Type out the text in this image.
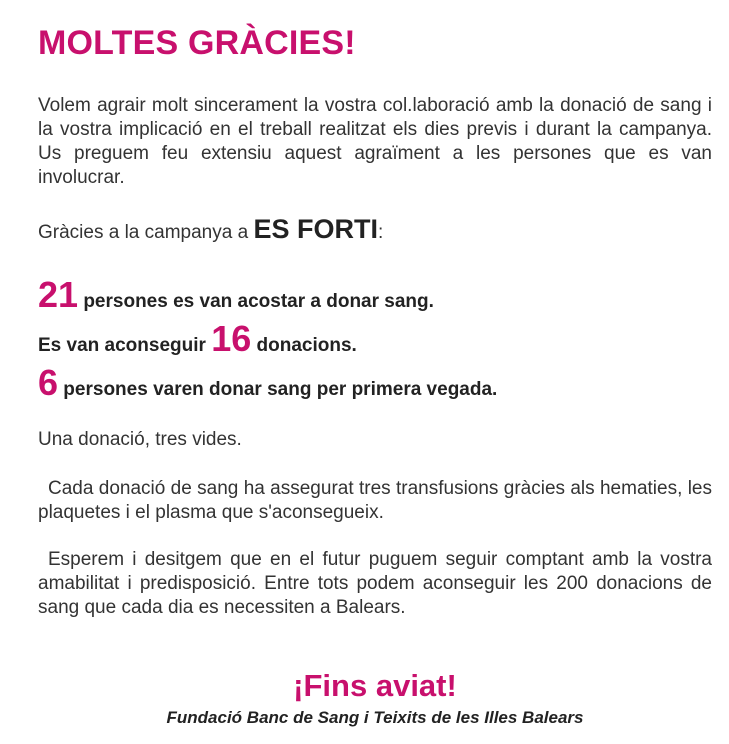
MOLTES GRÀCIES!

Volem agrair molt sincerament la vostra col.laboració amb la donació de sang i la vostra implicació en el treball realitzat els dies previs i durant la campanya. Us preguem feu extensiu aquest agraïment a les persones que es van involucrar.

Gràcies a la campanya a ES FORTI:
21 persones es van acostar a donar sang.
Es van aconseguir 16 donacions.
6 persones varen donar sang per primera vegada.

Una donació, tres vides.

Cada donació de sang ha assegurat tres transfusions gràcies als hematies, les plaquetes i el plasma que s'aconsegueix.

Esperem i desitgem que en el futur puguem seguir comptant amb la vostra amabilitat i predisposició. Entre tots podem aconseguir les 200 donacions de sang que cada dia es necessiten a Balears.

¡Fins aviat!

Fundació Banc de Sang i Teixits de les Illes Balears
